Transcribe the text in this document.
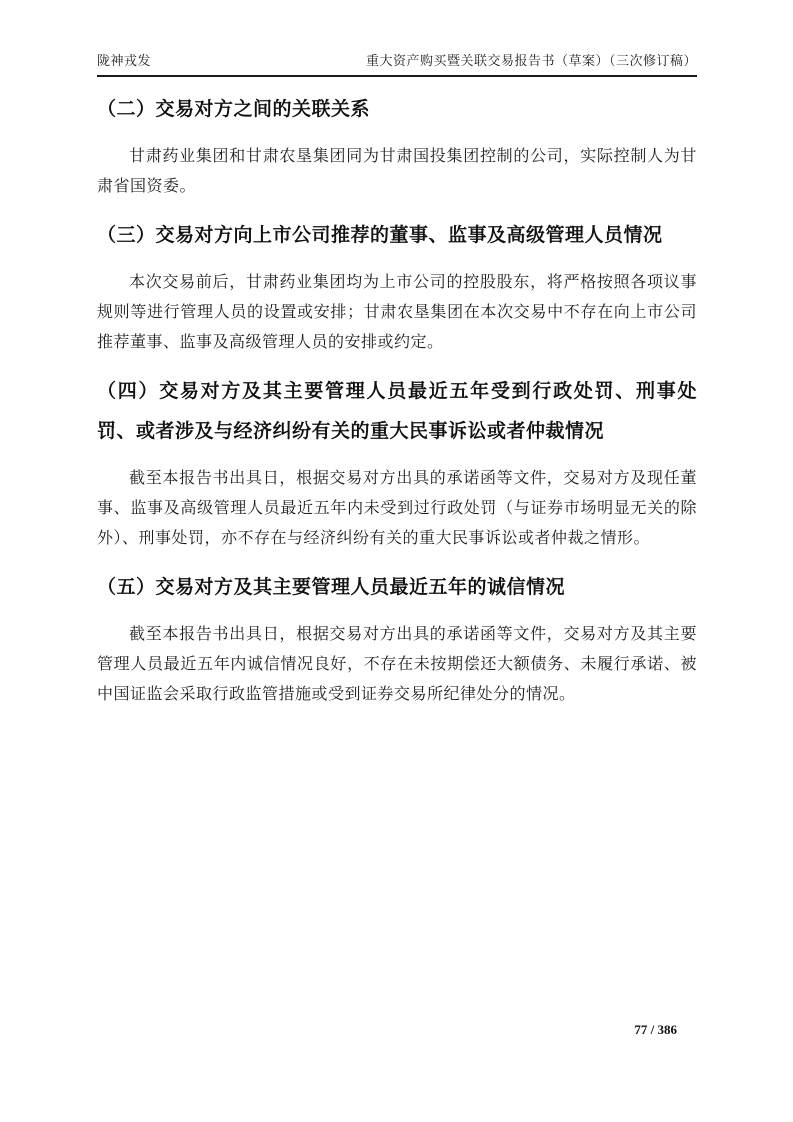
陇神戎发	重大资产购买暨关联交易报告书（草案）（三次修订稿）
（二）交易对方之间的关联关系

甘肃药业集团和甘肃农垦集团同为甘肃国投集团控制的公司，实际控制人为甘肃省国资委。

（三）交易对方向上市公司推荐的董事、监事及高级管理人员情况

本次交易前后，甘肃药业集团均为上市公司的控股股东，将严格按照各项议事规则等进行管理人员的设置或安排；甘肃农垦集团在本次交易中不存在向上市公司推荐董事、监事及高级管理人员的安排或约定。

（四）交易对方及其主要管理人员最近五年受到行政处罚、刑事处罚、或者涉及与经济纠纷有关的重大民事诉讼或者仲裁情况

截至本报告书出具日，根据交易对方出具的承诺函等文件，交易对方及现任董事、监事及高级管理人员最近五年内未受到过行政处罚（与证券市场明显无关的除外）、刑事处罚，亦不存在与经济纠纷有关的重大民事诉讼或者仲裁之情形。

（五）交易对方及其主要管理人员最近五年的诚信情况

截至本报告书出具日，根据交易对方出具的承诺函等文件，交易对方及其主要管理人员最近五年内诚信情况良好，不存在未按期偿还大额债务、未履行承诺、被中国证监会采取行政监管措施或受到证券交易所纪律处分的情况。

77 / 386
